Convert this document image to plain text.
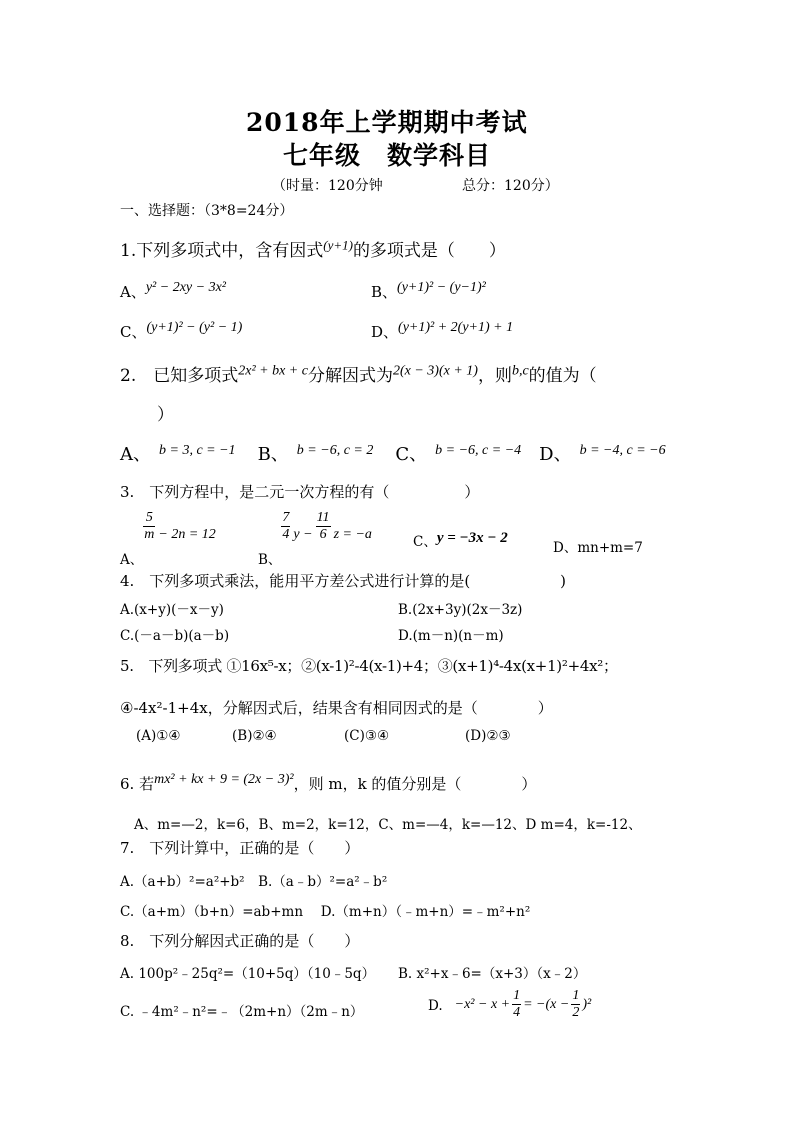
2018年上学期期中考试
七年级　数学科目
（时量：120分钟	总分：120分）
一、选择题：（3*8=24分）
1.下列多项式中，含有因式$^{(y+1)}$的多项式是（　　）
A、$^{y^2 - 2xy - 3x^2}$	B、$^{(y+1)^2 - (y-1)^2}$
C、$^{(y+1)^2 - (y^2 - 1)}$	D、$^{(y+1)^2 + 2(y+1) + 1}$
2.　已知多项式$^{2x^2 + bx + c}$分解因式为$^{2(x - 3)(x + 1)}$，则$^{b,c}$的值为（
）
A、 $^{b = 3, c = -1}$ B、 $^{b = -6, c = 2}$ C、 $^{b = -6, c = -4}$ D、 $^{b = -4, c = -6}$
3.　下列方程中，是二元一次方程的有（　　　　　）
A、
$\frac{5}{m} - 2n = 12$
B、
$\frac{7}{4}$ $y - \frac{11}{6}$ z = −a	C、y = −3x − 2
D、mn+m=7
4.　下列多项式乘法，能用平方差公式进行计算的是(　　　　　　)
A.(x+y)(－x－y)	B.(2x+3y)(2x－3z)
C.(－a－b)(a－b)	D.(m－n)(n－m)
5.　下列多项式 ①16x⁵-x；②(x-1)²-4(x-1)+4；③(x+1)⁴-4x(x+1)²+4x²；
④-4x²-1+4x，分解因式后，结果含有相同因式的是（　　　　）
(A)①④	(B)②④	(C)③④	(D)②③
6. 若$^{mx^2 + kx + 9 = (2x - 3)^2}$，则 m，k 的值分别是（　　　　）
A、m=—2，k=6，B、m=2，k=12，C、m=—4，k=—12、D m=4，k=-12、
7.　下列计算中，正确的是（　　）
A.（a+b）²=a²+b²　B.（a﹣b）²=a²﹣b²
C.（a+m）（b+n）=ab+mn　 D.（m+n）（﹣m+n）=﹣m²+n²
8.　下列分解因式正确的是（　　）
A. 100p²﹣25q²=（10+5q）（10﹣5q） B. x²+x﹣6=（x+3）（x﹣2）
C. ﹣4m²﹣n²=﹣（2m+n）（2m﹣n）	D. $-x^2 - x + \frac{1}{4} = -(x - \frac{1}{2} )^2$
